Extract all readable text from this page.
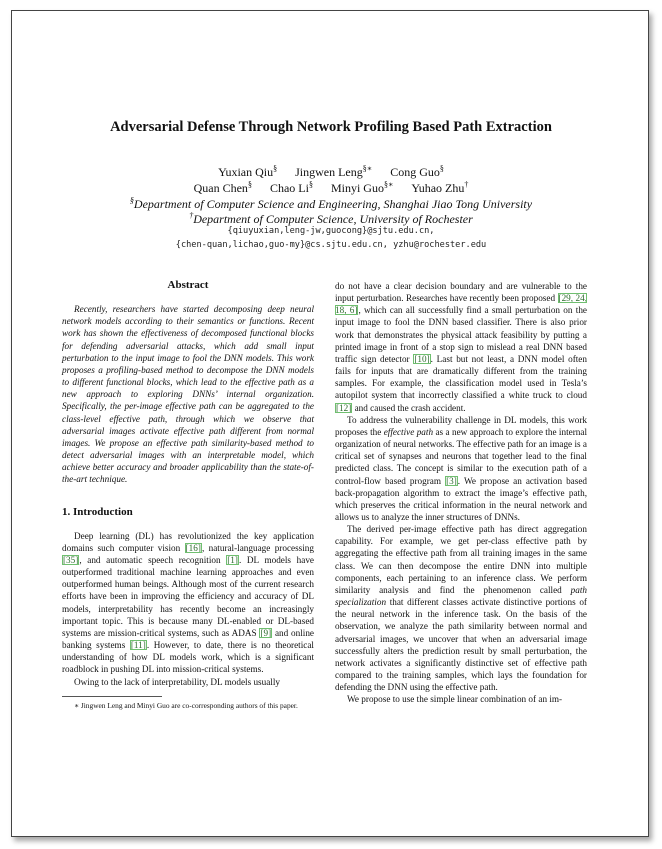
Adversarial Defense Through Network Profiling Based Path Extraction
Yuxian Qiu§ Jingwen Leng§∗ Cong Guo§
Quan Chen§ Chao Li§ Minyi Guo§∗ Yuhao Zhu†
§Department of Computer Science and Engineering, Shanghai Jiao Tong University
†Department of Computer Science, University of Rochester
{qiuyuxian,leng-jw,guocong}@sjtu.edu.cn,
{chen-quan,lichao,guo-my}@cs.sjtu.edu.cn, yzhu@rochester.edu
Abstract

Recently, researchers have started decomposing deep neural network models according to their semantics or functions. Recent work has shown the effectiveness of decomposed functional blocks for defending adversarial attacks, which add small input perturbation to the input image to fool the DNN models. This work proposes a profiling-based method to decompose the DNN models to different functional blocks, which lead to the effective path as a new approach to exploring DNNs’ internal organization. Specifically, the per-image effective path can be aggregated to the class-level effective path, through which we observe that adversarial images activate effective path different from normal images. We propose an effective path similarity-based method to detect adversarial images with an interpretable model, which achieve better accuracy and broader applicability than the state-of-the-art technique.

1. Introduction

Deep learning (DL) has revolutionized the key application domains such computer vision [16], natural-language processing [35], and automatic speech recognition [1]. DL models have outperformed traditional machine learning approaches and even outperformed human beings. Although most of the current research efforts have been in improving the efficiency and accuracy of DL models, interpretability has recently become an increasingly important topic. This is because many DL-enabled or DL-based systems are mission-critical systems, such as ADAS [9] and online banking systems [11]. However, to date, there is no theoretical understanding of how DL models work, which is a significant roadblock in pushing DL into mission-critical systems.

Owing to the lack of interpretability, DL models usually

∗ Jingwen Leng and Minyi Guo are co-corresponding authors of this paper.

do not have a clear decision boundary and are vulnerable to the input perturbation. Researches have recently been proposed [29, 24, 18, 6], which can all successfully find a small perturbation on the input image to fool the DNN based classifier. There is also prior work that demonstrates the physical attack feasibility by putting a printed image in front of a stop sign to mislead a real DNN based traffic sign detector [10]. Last but not least, a DNN model often fails for inputs that are dramatically different from the training samples. For example, the classification model used in Tesla’s autopilot system that incorrectly classified a white truck to cloud [12] and caused the crash accident.

To address the vulnerability challenge in DL models, this work proposes the effective path as a new approach to explore the internal organization of neural networks. The effective path for an image is a critical set of synapses and neurons that together lead to the final predicted class. The concept is similar to the execution path of a control-flow based program [3]. We propose an activation based back-propagation algorithm to extract the image’s effective path, which preserves the critical information in the neural network and allows us to analyze the inner structures of DNNs.

The derived per-image effective path has direct aggregation capability. For example, we get per-class effective path by aggregating the effective path from all training images in the same class. We can then decompose the entire DNN into multiple components, each pertaining to an inference class. We perform similarity analysis and find the phenomenon called path specialization that different classes activate distinctive portions of the neural network in the inference task. On the basis of the observation, we analyze the path similarity between normal and adversarial images, we uncover that when an adversarial image successfully alters the prediction result by small perturbation, the network activates a significantly distinctive set of effective path compared to the training samples, which lays the foundation for defending the DNN using the effective path.

We propose to use the simple linear combination of an im-
